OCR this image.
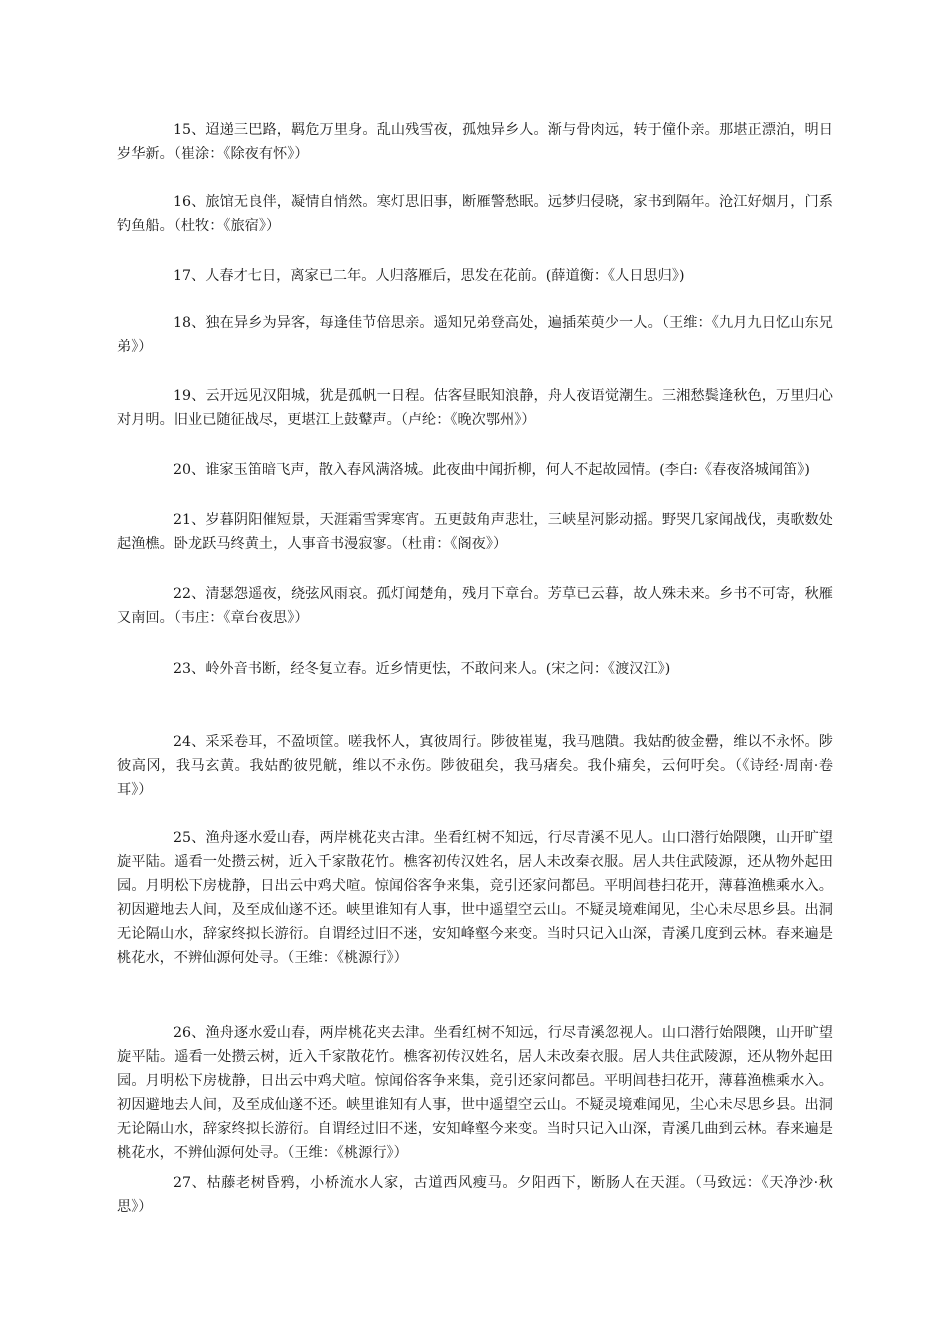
15、迢递三巴路，羁危万里身。乱山残雪夜，孤烛异乡人。渐与骨肉远，转于僮仆亲。那堪正漂泊，明日岁华新。（崔涂：《除夜有怀》）

16、旅馆无良伴，凝情自悄然。寒灯思旧事，断雁警愁眠。远梦归侵晓，家书到隔年。沧江好烟月，门系钓鱼船。（杜牧：《旅宿》）

17、人春才七日，离家已二年。人归落雁后，思发在花前。(薛道衡：《人日思归》)

18、独在异乡为异客，每逢佳节倍思亲。遥知兄弟登高处，遍插茱萸少一人。（王维：《九月九日忆山东兄弟》）

19、云开远见汉阳城，犹是孤帆一日程。估客昼眠知浪静，舟人夜语觉潮生。三湘愁鬓逢秋色，万里归心对月明。旧业已随征战尽，更堪江上鼓鼙声。（卢纶：《晚次鄂州》）

20、谁家玉笛暗飞声，散入春风满洛城。此夜曲中闻折柳，何人不起故园情。(李白:《春夜洛城闻笛》)

21、岁暮阴阳催短景，天涯霜雪霁寒宵。五更鼓角声悲壮，三峡星河影动摇。野哭几家闻战伐，夷歌数处起渔樵。卧龙跃马终黄土，人事音书漫寂寥。（杜甫：《阁夜》）

22、清瑟怨遥夜，绕弦风雨哀。孤灯闻楚角，残月下章台。芳草已云暮，故人殊未来。乡书不可寄，秋雁又南回。（韦庄：《章台夜思》）

23、岭外音书断，经冬复立春。近乡情更怯，不敢问来人。(宋之问：《渡汉江》)

24、采采卷耳，不盈顷筐。嗟我怀人，寘彼周行。陟彼崔嵬，我马虺隤。我姑酌彼金罍，维以不永怀。陟彼高冈，我马玄黄。我姑酌彼兕觥，维以不永伤。陟彼砠矣，我马瘏矣。我仆痡矣，云何吁矣。（《诗经·周南·卷耳》）

25、渔舟逐水爱山春，两岸桃花夹古津。坐看红树不知远，行尽青溪不见人。山口潜行始隈隩，山开旷望旋平陆。遥看一处攒云树，近入千家散花竹。樵客初传汉姓名，居人未改秦衣服。居人共住武陵源，还从物外起田园。月明松下房栊静，日出云中鸡犬喧。惊闻俗客争来集，竞引还家问都邑。平明闾巷扫花开，薄暮渔樵乘水入。初因避地去人间，及至成仙遂不还。峡里谁知有人事，世中遥望空云山。不疑灵境难闻见，尘心未尽思乡县。出洞无论隔山水，辞家终拟长游衍。自谓经过旧不迷，安知峰壑今来变。当时只记入山深，青溪几度到云林。春来遍是桃花水，不辨仙源何处寻。（王维：《桃源行》）

26、渔舟逐水爱山春，两岸桃花夹去津。坐看红树不知远，行尽青溪忽视人。山口潜行始隈隩，山开旷望旋平陆。遥看一处攒云树，近入千家散花竹。樵客初传汉姓名，居人未改秦衣服。居人共住武陵源，还从物外起田园。月明松下房栊静，日出云中鸡犬喧。惊闻俗客争来集，竞引还家问都邑。平明闾巷扫花开，薄暮渔樵乘水入。初因避地去人间，及至成仙遂不还。峡里谁知有人事，世中遥望空云山。不疑灵境难闻见，尘心未尽思乡县。出洞无论隔山水，辞家终拟长游衍。自谓经过旧不迷，安知峰壑今来变。当时只记入山深，青溪几曲到云林。春来遍是桃花水，不辨仙源何处寻。（王维：《桃源行》）

27、枯藤老树昏鸦，小桥流水人家，古道西风瘦马。夕阳西下，断肠人在天涯。（马致远：《天净沙·秋思》）
